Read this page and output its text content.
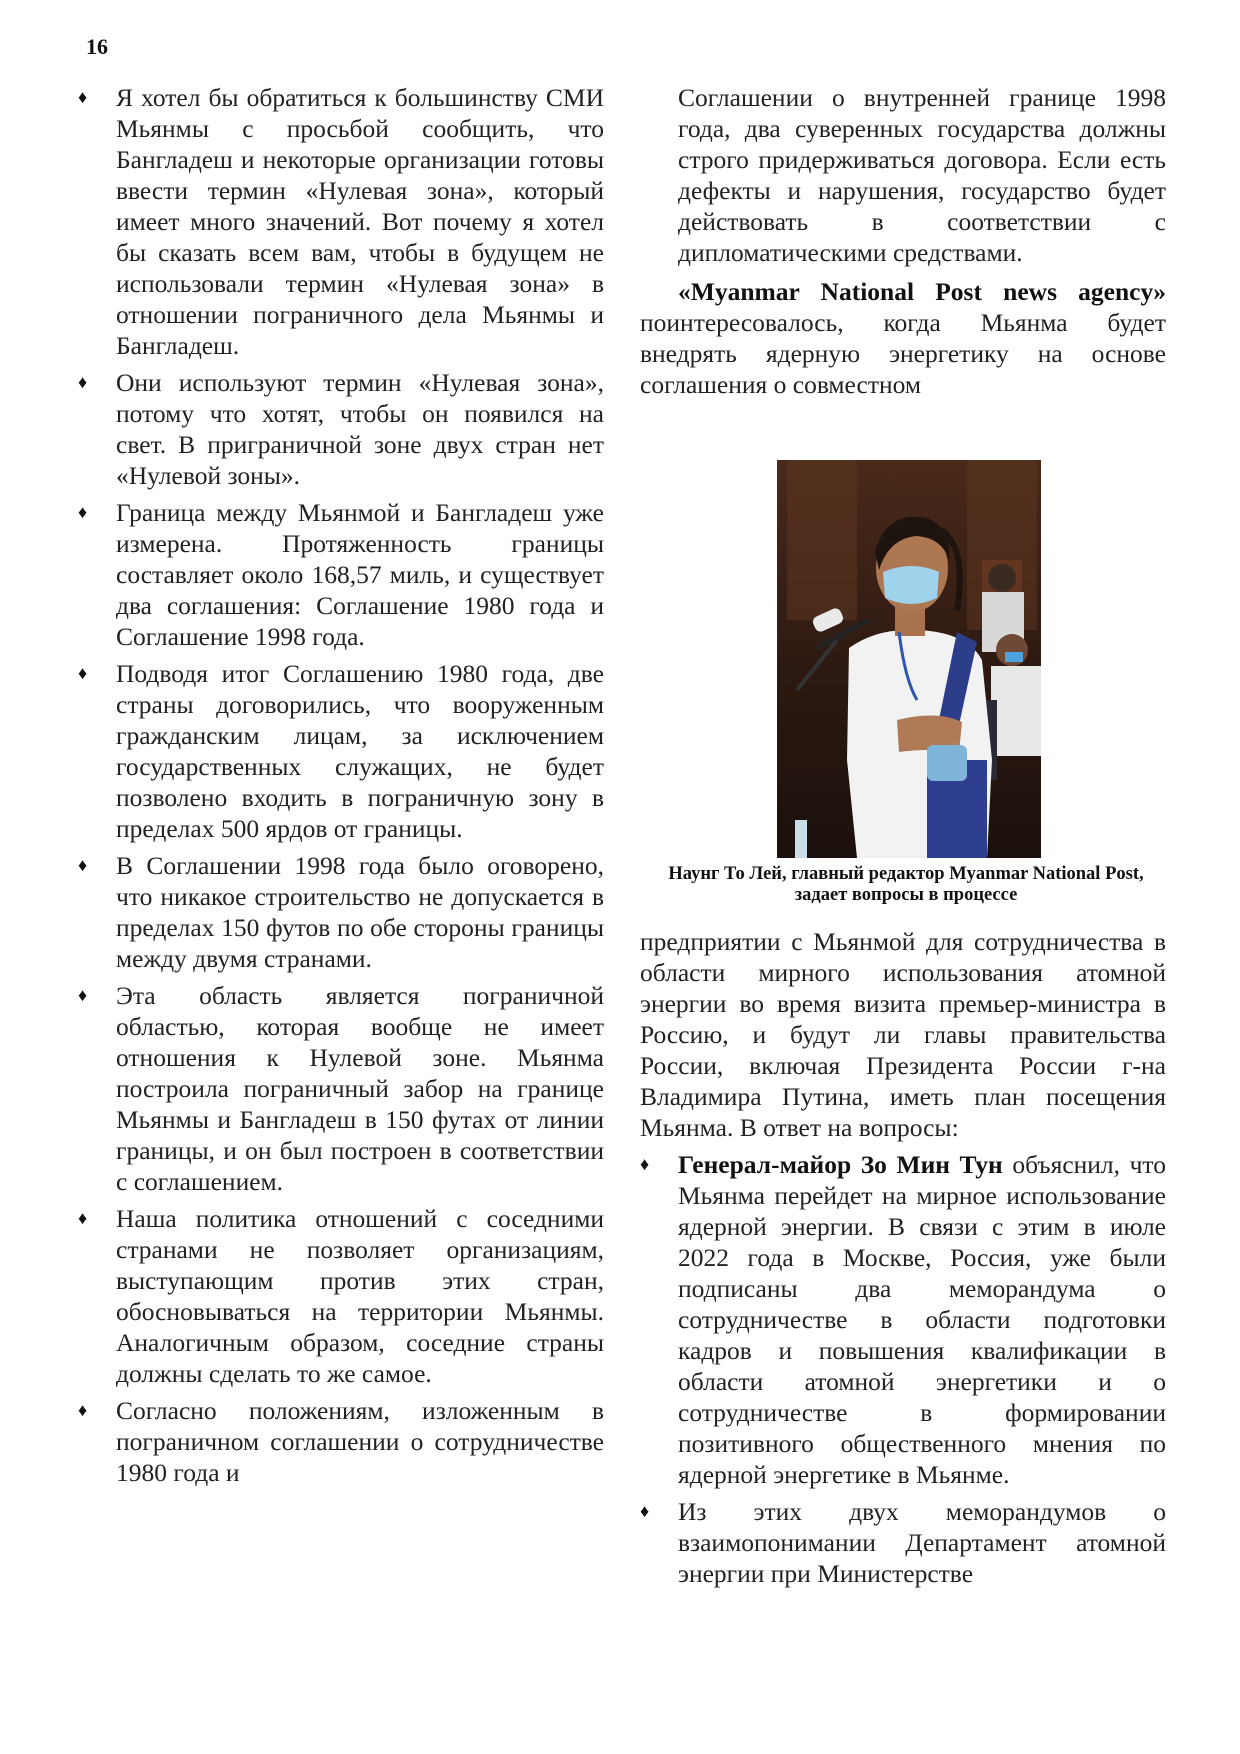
16
♦ Я хотел бы обратиться к большинству СМИ Мьянмы с просьбой сообщить, что Бангладеш и некоторые организации готовы ввести термин «Нулевая зона», который имеет много значений. Вот почему я хотел бы сказать всем вам, чтобы в будущем не использовали термин «Нулевая зона» в отношении пограничного дела Мьянмы и Бангладеш.
♦ Они используют термин «Нулевая зона», потому что хотят, чтобы он появился на свет. В приграничной зоне двух стран нет «Нулевой зоны».
♦ Граница между Мьянмой и Бангладеш уже измерена. Протяженность границы составляет около 168,57 миль, и существует два соглашения: Соглашение 1980 года и Соглашение 1998 года.
♦ Подводя итог Соглашению 1980 года, две страны договорились, что вооруженным гражданским лицам, за исключением государственных служащих, не будет позволено входить в пограничную зону в пределах 500 ярдов от границы.
♦ В Соглашении 1998 года было оговорено, что никакое строительство не допускается в пределах 150 футов по обе стороны границы между двумя странами.
♦ Эта область является пограничной областью, которая вообще не имеет отношения к Нулевой зоне. Мьянма построила пограничный забор на границе Мьянмы и Бангладеш в 150 футах от линии границы, и он был построен в соответствии с соглашением.
♦ Наша политика отношений с соседними странами не позволяет организациям, выступающим против этих стран, обосновываться на территории Мьянмы. Аналогичным образом, соседние страны должны сделать то же самое.
♦ Согласно положениям, изложенным в пограничном соглашении о сотрудничестве 1980 года и

Соглашении о внутренней границе 1998 года, два суверенных государства должны строго придерживаться договора. Если есть дефекты и нарушения, государство будет действовать в соответствии с дипломатическими средствами.

«Myanmar National Post news agency» поинтересовалось, когда Мьянма будет внедрять ядерную энергетику на основе соглашения о совместном

Наунг То Лей, главный редактор Myanmar National Post, задает вопросы в процессе

предприятии с Мьянмой для сотрудничества в области мирного использования атомной энергии во время визита премьер-министра в Россию, и будут ли главы правительства России, включая Президента России г-на Владимира Путина, иметь план посещения Мьянма. В ответ на вопросы:

♦ Генерал-майор Зо Мин Тун объяснил, что Мьянма перейдет на мирное использование ядерной энергии. В связи с этим в июле 2022 года в Москве, Россия, уже были подписаны два меморандума о сотрудничестве в области подготовки кадров и повышения квалификации в области атомной энергетики и о сотрудничестве в формировании позитивного общественного мнения по ядерной энергетике в Мьянме.
♦ Из этих двух меморандумов о взаимопонимании Департамент атомной энергии при Министерстве
